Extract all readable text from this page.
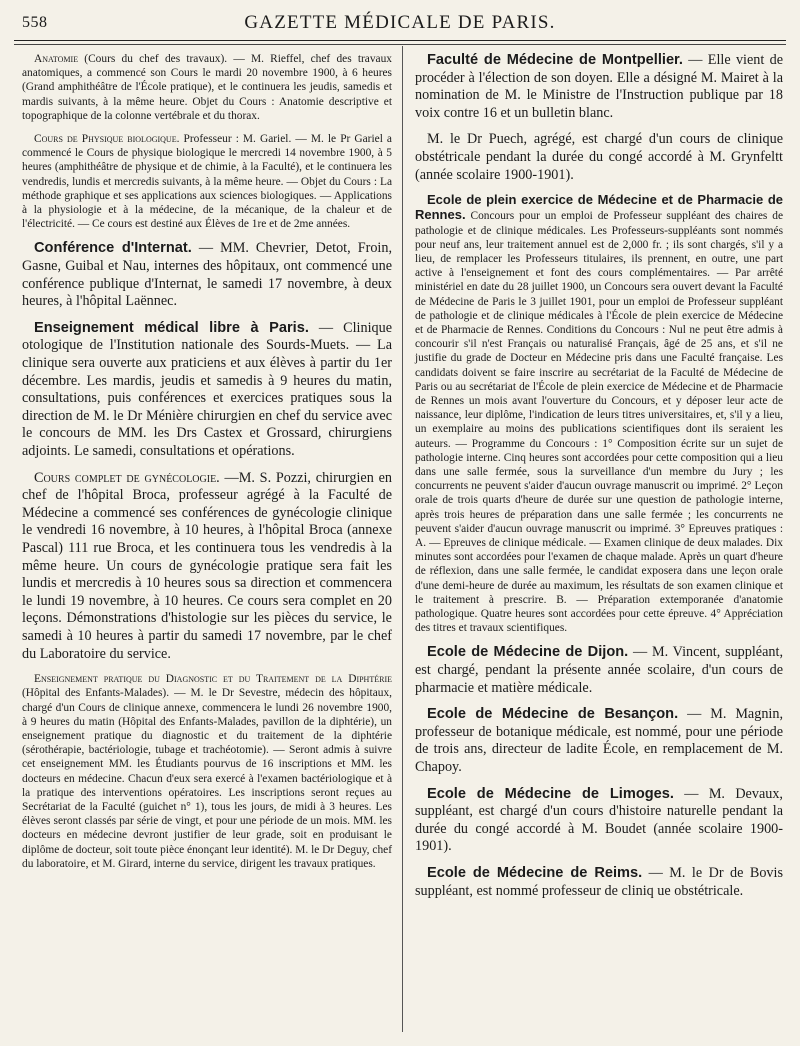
558	GAZETTE MÉDICALE DE PARIS.

Anatomie (Cours du chef des travaux). — M. Rieffel, chef des travaux anatomiques, a commencé son Cours le mardi 20 novembre 1900, à 6 heures (Grand amphithéâtre de l'École pratique), et le continuera les jeudis, samedis et mardis suivants, à la même heure. Objet du Cours : Anatomie descriptive et topographique de la colonne vertébrale et du thorax.

Cours de Physique biologique. Professeur : M. Gariel. — M. le Pr Gariel a commencé le Cours de physique biologique le mercredi 14 novembre 1900, à 5 heures (amphithéâtre de physique et de chimie, à la Faculté), et le continuera les vendredis, lundis et mercredis suivants, à la même heure. — Objet du Cours : La méthode graphique et ses applications aux sciences biologiques. — Applications à la physiologie et à la médecine, de la mécanique, de la chaleur et de l'électricité. — Ce cours est destiné aux Élèves de 1re et de 2me années.

Conférence d'Internat. — MM. Chevrier, Detot, Froin, Gasne, Guibal et Nau, internes des hôpitaux, ont commencé une conférence publique d'Internat, le samedi 17 novembre, à deux heures, à l'hôpital Laënnec.

Enseignement médical libre à Paris. — Clinique otologique de l'Institution nationale des Sourds-Muets. — La clinique sera ouverte aux praticiens et aux élèves à partir du 1er décembre. Les mardis, jeudis et samedis à 9 heures du matin, consultations, puis conférences et exercices pratiques sous la direction de M. le Dr Ménière chirurgien en chef du service avec le concours de MM. les Drs Castex et Grossard, chirurgiens adjoints. Le samedi, consultations et opérations.

Cours complet de gynécologie. —M. S. Pozzi, chirurgien en chef de l'hôpital Broca, professeur agrégé à la Faculté de Médecine a commencé ses conférences de gynécologie clinique le vendredi 16 novembre, à 10 heures, à l'hôpital Broca (annexe Pascal) 111 rue Broca, et les continuera tous les vendredis à la même heure. Un cours de gynécologie pratique sera fait les lundis et mercredis à 10 heures sous sa direction et commencera le lundi 19 novembre, à 10 heures. Ce cours sera complet en 20 leçons. Démonstrations d'histologie sur les pièces du service, le samedi à 10 heures à partir du samedi 17 novembre, par le chef du Laboratoire du service.

Enseignement pratique du Diagnostic et du Traitement de la Diphtérie (Hôpital des Enfants-Malades). — M. le Dr Sevestre, médecin des hôpitaux, chargé d'un Cours de clinique annexe, commencera le lundi 26 novembre 1900, à 9 heures du matin (Hôpital des Enfants-Malades, pavillon de la diphtérie), un enseignement pratique du diagnostic et du traitement de la diphtérie (sérothérapie, bactériologie, tubage et trachéotomie). — Seront admis à suivre cet enseignement MM. les Étudiants pourvus de 16 inscriptions et MM. les docteurs en médecine. Chacun d'eux sera exercé à l'examen bactériologique et à la pratique des interventions opératoires. Les inscriptions seront reçues au Secrétariat de la Faculté (guichet n° 1), tous les jours, de midi à 3 heures. Les élèves seront classés par série de vingt, et pour une période de un mois. MM. les docteurs en médecine devront justifier de leur grade, soit en produisant le diplôme de docteur, soit toute pièce énonçant leur identité). M. le Dr Deguy, chef du laboratoire, et M. Girard, interne du service, dirigent les travaux pratiques.

Faculté de Médecine de Montpellier. — Elle vient de procéder à l'élection de son doyen. Elle a désigné M. Mairet à la nomination de M. le Ministre de l'Instruction publique par 18 voix contre 16 et un bulletin blanc.

M. le Dr Puech, agrégé, est chargé d'un cours de clinique obstétricale pendant la durée du congé accordé à M. Grynfeltt (année scolaire 1900-1901).

Ecole de plein exercice de Médecine et de Pharmacie de Rennes. Concours pour un emploi de Professeur suppléant des chaires de pathologie et de clinique médicales. Les Professeurs-suppléants sont nommés pour neuf ans, leur traitement annuel est de 2,000 fr. ; ils sont chargés, s'il y a lieu, de remplacer les Professeurs titulaires, ils prennent, en outre, une part active à l'enseignement et font des cours complémentaires. — Par arrêté ministériel en date du 28 juillet 1900, un Concours sera ouvert devant la Faculté de Médecine de Paris le 3 juillet 1901, pour un emploi de Professeur suppléant de pathologie et de clinique médicales à l'École de plein exercice de Médecine et de Pharmacie de Rennes. Conditions du Concours : Nul ne peut être admis à concourir s'il n'est Français ou naturalisé Français, âgé de 25 ans, et s'il ne justifie du grade de Docteur en Médecine pris dans une Faculté française. Les candidats doivent se faire inscrire au secrétariat de la Faculté de Médecine de Paris ou au secrétariat de l'École de plein exercice de Médecine et de Pharmacie de Rennes un mois avant l'ouverture du Concours, et y déposer leur acte de naissance, leur diplôme, l'indication de leurs titres universitaires, et, s'il y a lieu, un exemplaire au moins des publications scientifiques dont ils seraient les auteurs. — Programme du Concours : 1° Composition écrite sur un sujet de pathologie interne. Cinq heures sont accordées pour cette composition qui a lieu dans une salle fermée, sous la surveillance d'un membre du Jury ; les concurrents ne peuvent s'aider d'aucun ouvrage manuscrit ou imprimé. 2° Leçon orale de trois quarts d'heure de durée sur une question de pathologie interne, après trois heures de préparation dans une salle fermée ; les concurrents ne peuvent s'aider d'aucun ouvrage manuscrit ou imprimé. 3° Epreuves pratiques : A. — Epreuves de clinique médicale. — Examen clinique de deux malades. Dix minutes sont accordées pour l'examen de chaque malade. Après un quart d'heure de réflexion, dans une salle fermée, le candidat exposera dans une leçon orale d'une demi-heure de durée au maximum, les résultats de son examen clinique et le traitement à prescrire. B. — Préparation extemporanée d'anatomie pathologique. Quatre heures sont accordées pour cette épreuve. 4° Appréciation des titres et travaux scientifiques.

Ecole de Médecine de Dijon. — M. Vincent, suppléant, est chargé, pendant la présente année scolaire, d'un cours de pharmacie et matière médicale.

Ecole de Médecine de Besançon. — M. Magnin, professeur de botanique médicale, est nommé, pour une période de trois ans, directeur de ladite École, en remplacement de M. Chapoy.

Ecole de Médecine de Limoges. — M. Devaux, suppléant, est chargé d'un cours d'histoire naturelle pendant la durée du congé accordé à M. Boudet (année scolaire 1900-1901).

Ecole de Médecine de Reims. — M. le Dr de Bovis suppléant, est nommé professeur de cliniq ue obstétricale.
